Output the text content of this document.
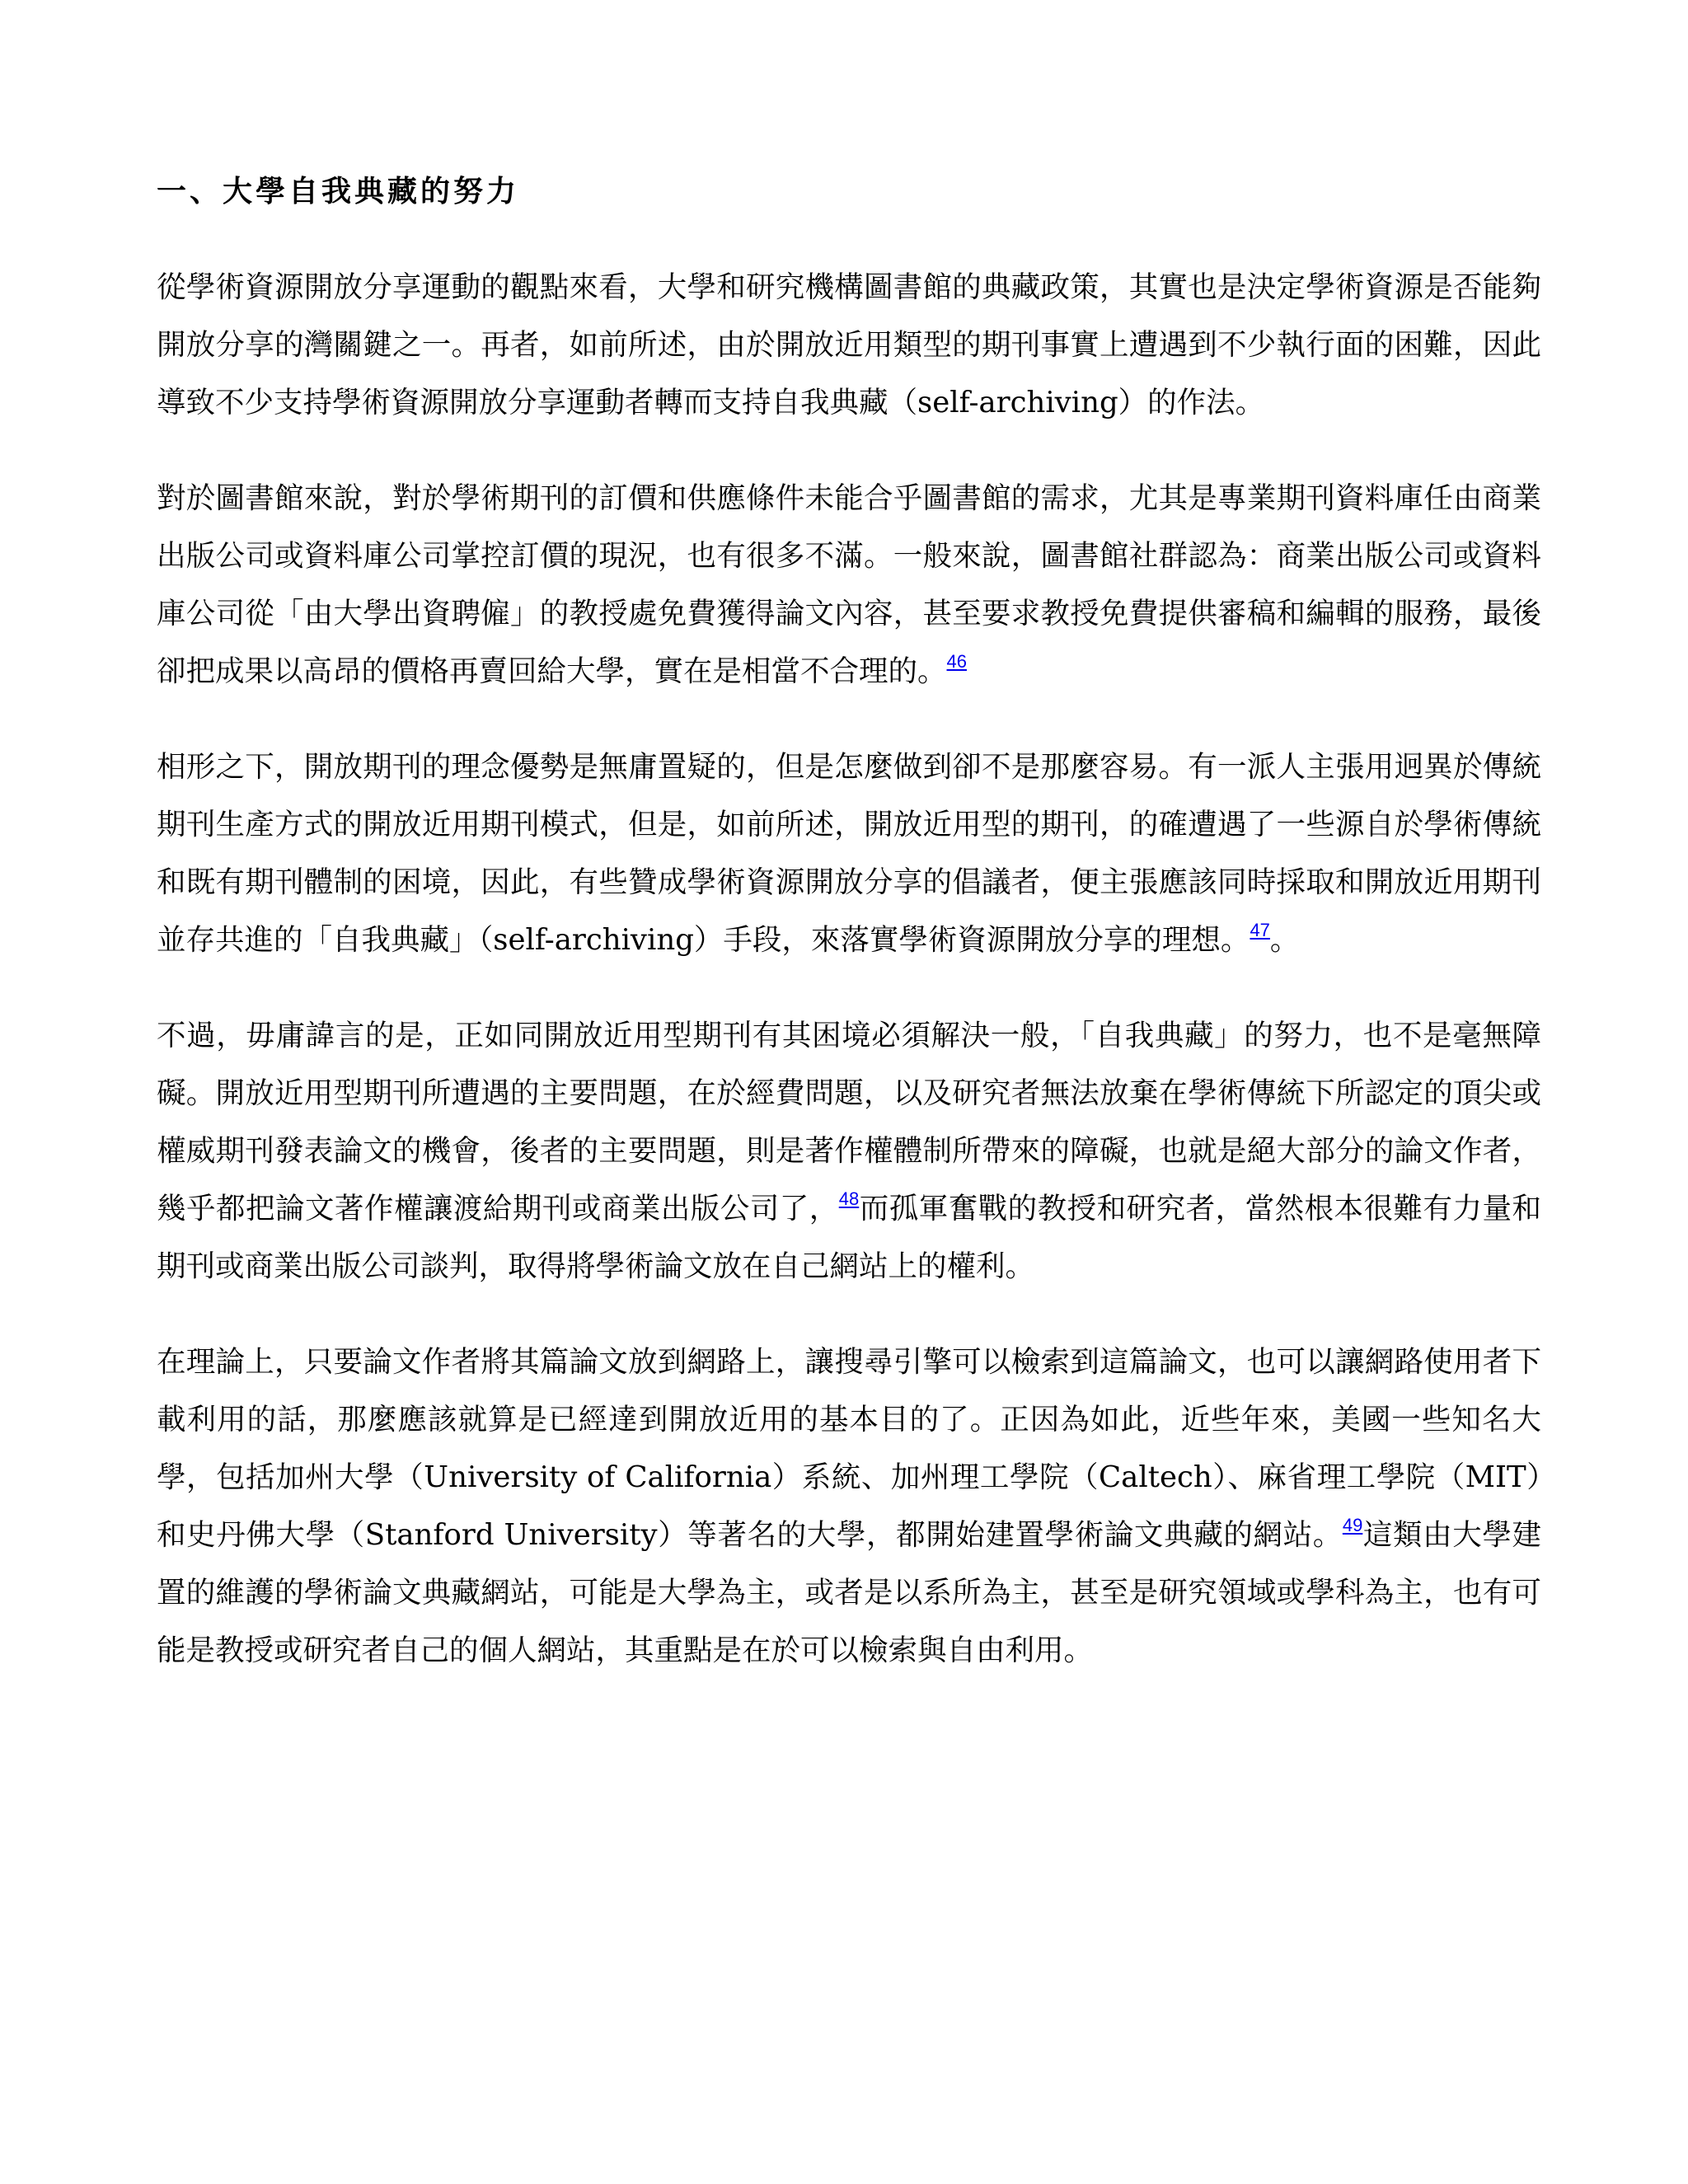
一、大學自我典藏的努力

從學術資源開放分享運動的觀點來看，大學和研究機構圖書館的典藏政策，其實也是決定學術資源是否能夠開放分享的灣關鍵之一。再者，如前所述，由於開放近用類型的期刊事實上遭遇到不少執行面的困難，因此導致不少支持學術資源開放分享運動者轉而支持自我典藏（self-archiving）的作法。

對於圖書館來說，對於學術期刊的訂價和供應條件未能合乎圖書館的需求，尤其是專業期刊資料庫任由商業出版公司或資料庫公司掌控訂價的現況，也有很多不滿。一般來說，圖書館社群認為：商業出版公司或資料庫公司從「由大學出資聘僱」的教授處免費獲得論文內容，甚至要求教授免費提供審稿和編輯的服務，最後卻把成果以高昂的價格再賣回給大學，實在是相當不合理的。$^{46}$

相形之下，開放期刊的理念優勢是無庸置疑的，但是怎麼做到卻不是那麼容易。有一派人主張用迥異於傳統期刊生產方式的開放近用期刊模式，但是，如前所述，開放近用型的期刊，的確遭遇了一些源自於學術傳統和既有期刊體制的困境，因此，有些贊成學術資源開放分享的倡議者，便主張應該同時採取和開放近用期刊並存共進的「自我典藏」（self-archiving）手段，來落實學術資源開放分享的理想。$^{47}$。

不過，毋庸諱言的是，正如同開放近用型期刊有其困境必須解決一般，「自我典藏」的努力，也不是毫無障礙。開放近用型期刊所遭遇的主要問題，在於經費問題，以及研究者無法放棄在學術傳統下所認定的頂尖或權威期刊發表論文的機會，後者的主要問題，則是著作權體制所帶來的障礙，也就是絕大部分的論文作者，幾乎都把論文著作權讓渡給期刊或商業出版公司了，$^{48}$而孤軍奮戰的教授和研究者，當然根本很難有力量和期刊或商業出版公司談判，取得將學術論文放在自己網站上的權利。

在理論上，只要論文作者將其篇論文放到網路上，讓搜尋引擎可以檢索到這篇論文，也可以讓網路使用者下載利用的話，那麼應該就算是已經達到開放近用的基本目的了。正因為如此，近些年來，美國一些知名大學，包括加州大學（University of California）系統、加州理工學院（Caltech）、麻省理工學院（MIT）和史丹佛大學（Stanford University）等著名的大學，都開始建置學術論文典藏的網站。$^{49}$這類由大學建置的維護的學術論文典藏網站，可能是大學為主，或者是以系所為主，甚至是研究領域或學科為主，也有可能是教授或研究者自己的個人網站，其重點是在於可以檢索與自由利用。
